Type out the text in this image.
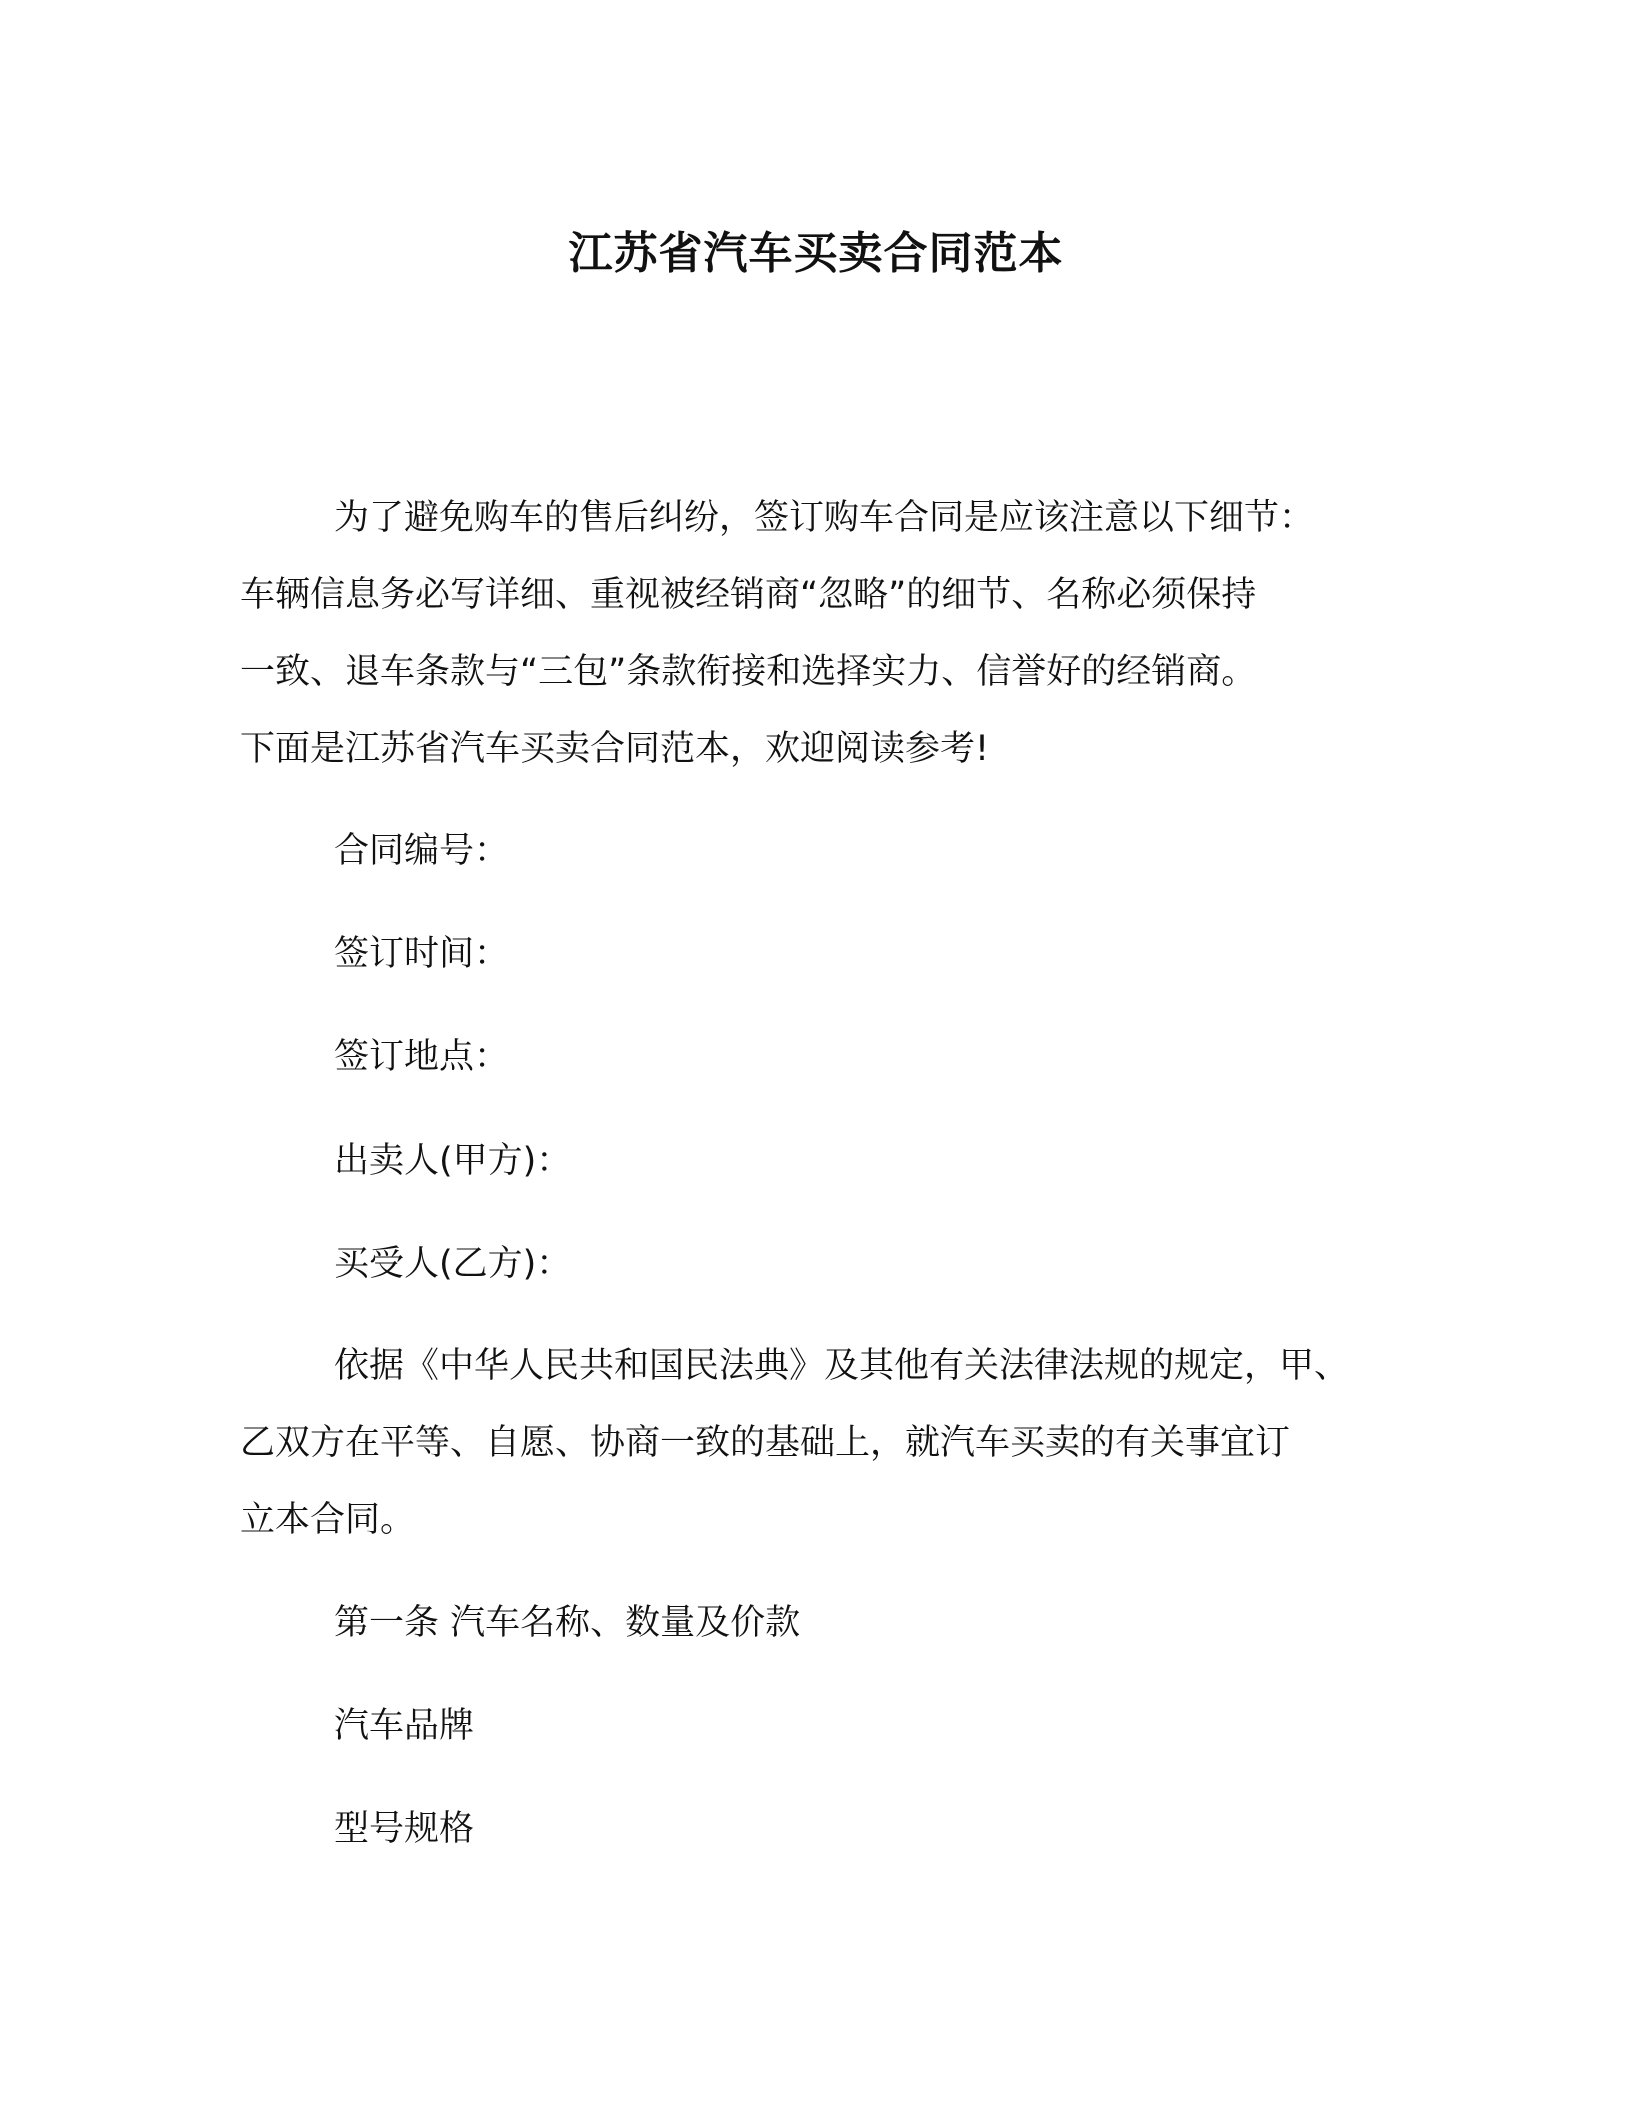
江苏省汽车买卖合同范本

为了避免购车的售后纠纷，签订购车合同是应该注意以下细节：

车辆信息务必写详细、重视被经销商“忽略”的细节、名称必须保持

一致、退车条款与“三包”条款衔接和选择实力、信誉好的经销商。

下面是江苏省汽车买卖合同范本，欢迎阅读参考!

合同编号：

签订时间：

签订地点：

出卖人(甲方)：

买受人(乙方)：

依据《中华人民共和国民法典》及其他有关法律法规的规定，甲、

乙双方在平等、自愿、协商一致的基础上，就汽车买卖的有关事宜订

立本合同。

第一条 汽车名称、数量及价款

汽车品牌

型号规格
